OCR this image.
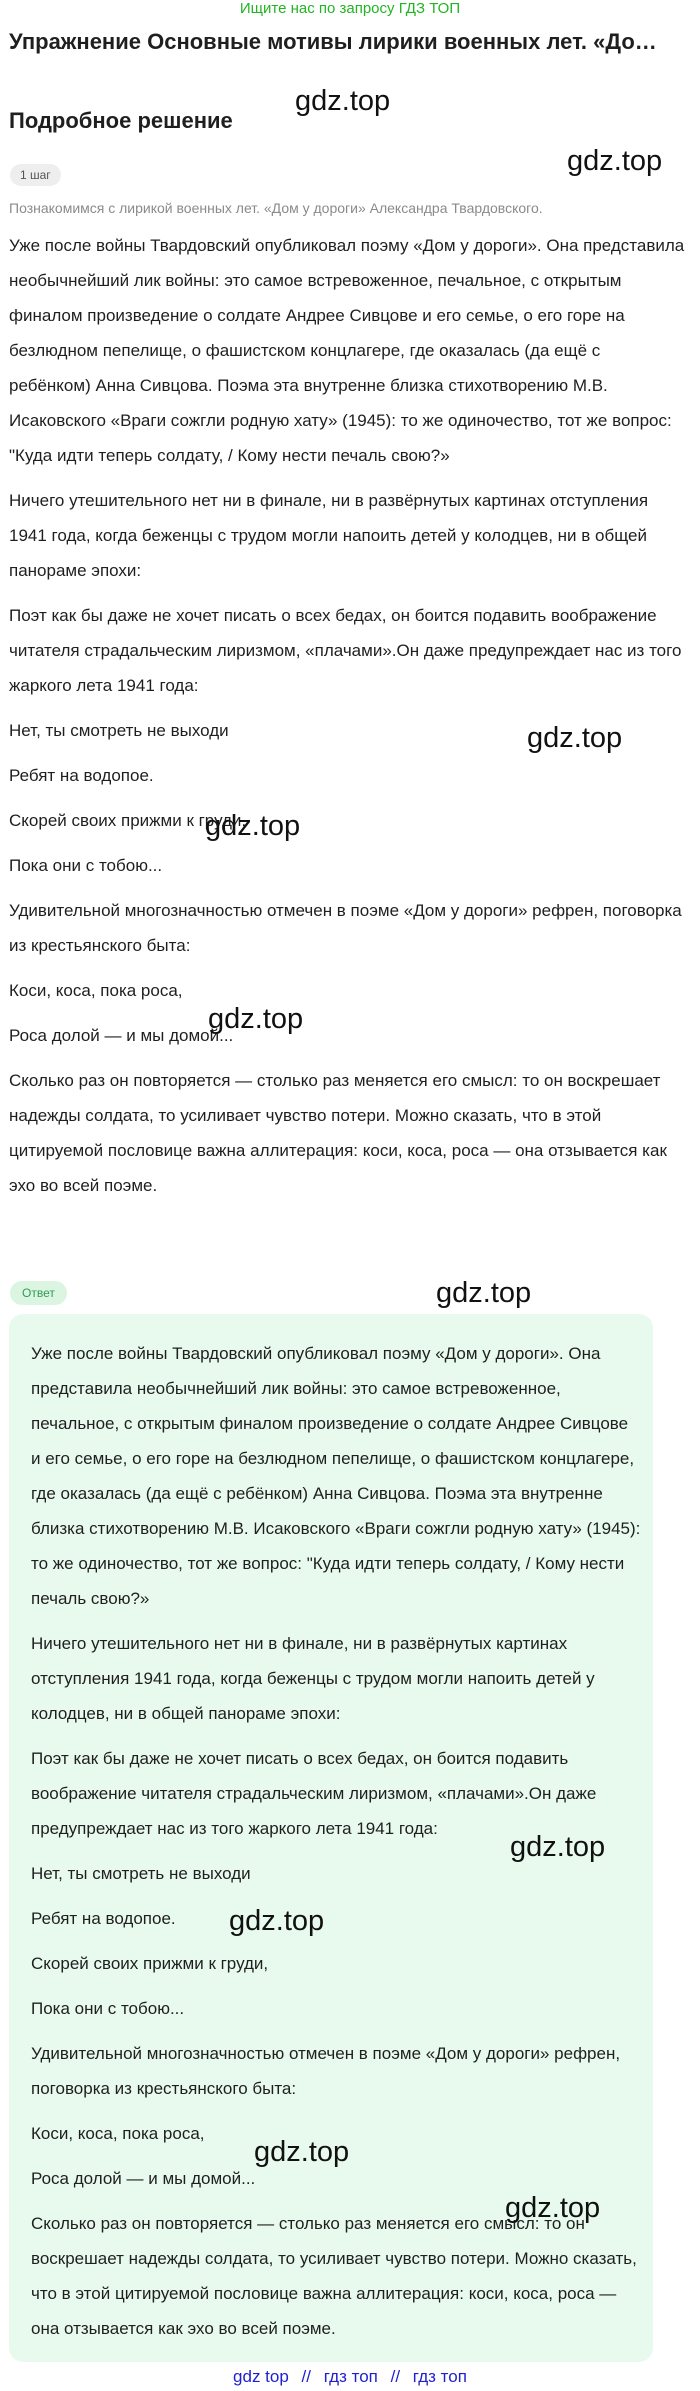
Ищите нас по запросу ГДЗ ТОП
Упражнение Основные мотивы лирики военных лет. «До…
Подробное решение
1 шаг
Познакомимся с лирикой военных лет. «Дом у дороги» Александра Твардовского.

Уже после войны Твардовский опубликовал поэму «Дом у дороги». Она представила необычнейший лик войны: это самое встревоженное, печальное, с открытым финалом произведение о солдате Андрее Сивцове и его семье, о его горе на безлюдном пепелище, о фашистском концлагере, где оказалась (да ещё с ребёнком) Анна Сивцова. Поэма эта внутренне близка стихотворению М.В. Исаковского «Враги сожгли родную хату» (1945): то же одиночество, тот же вопрос: "Куда идти теперь солдату, / Кому нести печаль свою?»

Ничего утешительного нет ни в финале, ни в развёрнутых картинах отступления 1941 года, когда беженцы с трудом могли напоить детей у колодцев, ни в общей панораме эпохи:

Поэт как бы даже не хочет писать о всех бедах, он боится подавить воображение читателя страдальческим лиризмом, «плачами».Он даже предупреждает нас из того жаркого лета 1941 года:

Нет, ты смотреть не выходи

Ребят на водопое.

Скорей своих прижми к груди,

Пока они с тобою...

Удивительной многозначностью отмечен в поэме «Дом у дороги» рефрен, поговорка из крестьянского быта:

Коси, коса, пока роса,

Роса долой — и мы домой...

Сколько раз он повторяется — столько раз меняется его смысл: то он воскрешает надежды солдата, то усиливает чувство потери. Можно сказать, что в этой цитируемой пословице важна аллитерация: коси, коса, роса — она отзывается как эхо во всей поэме.

Ответ

Уже после войны Твардовский опубликовал поэму «Дом у дороги». Она представила необычнейший лик войны: это самое встревоженное, печальное, с открытым финалом произведение о солдате Андрее Сивцове и его семье, о его горе на безлюдном пепелище, о фашистском концлагере, где оказалась (да ещё с ребёнком) Анна Сивцова. Поэма эта внутренне близка стихотворению М.В. Исаковского «Враги сожгли родную хату» (1945): то же одиночество, тот же вопрос: "Куда идти теперь солдату, / Кому нести печаль свою?»

Ничего утешительного нет ни в финале, ни в развёрнутых картинах отступления 1941 года, когда беженцы с трудом могли напоить детей у колодцев, ни в общей панораме эпохи:

Поэт как бы даже не хочет писать о всех бедах, он боится подавить воображение читателя страдальческим лиризмом, «плачами».Он даже предупреждает нас из того жаркого лета 1941 года:

Нет, ты смотреть не выходи

Ребят на водопое.

Скорей своих прижми к груди,

Пока они с тобою...

Удивительной многозначностью отмечен в поэме «Дом у дороги» рефрен, поговорка из крестьянского быта:

Коси, коса, пока роса,

Роса долой — и мы домой...

Сколько раз он повторяется — столько раз меняется его смысл: то он воскрешает надежды солдата, то усиливает чувство потери. Можно сказать, что в этой цитируемой пословице важна аллитерация: коси, коса, роса — она отзывается как эхо во всей поэме.

gdz.top
gdz.top
gdz.top
gdz.top
gdz.top
gdz.top
gdz.top
gdz.top
gdz.top
gdz.top
gdz top // гдз топ // гдз топ
